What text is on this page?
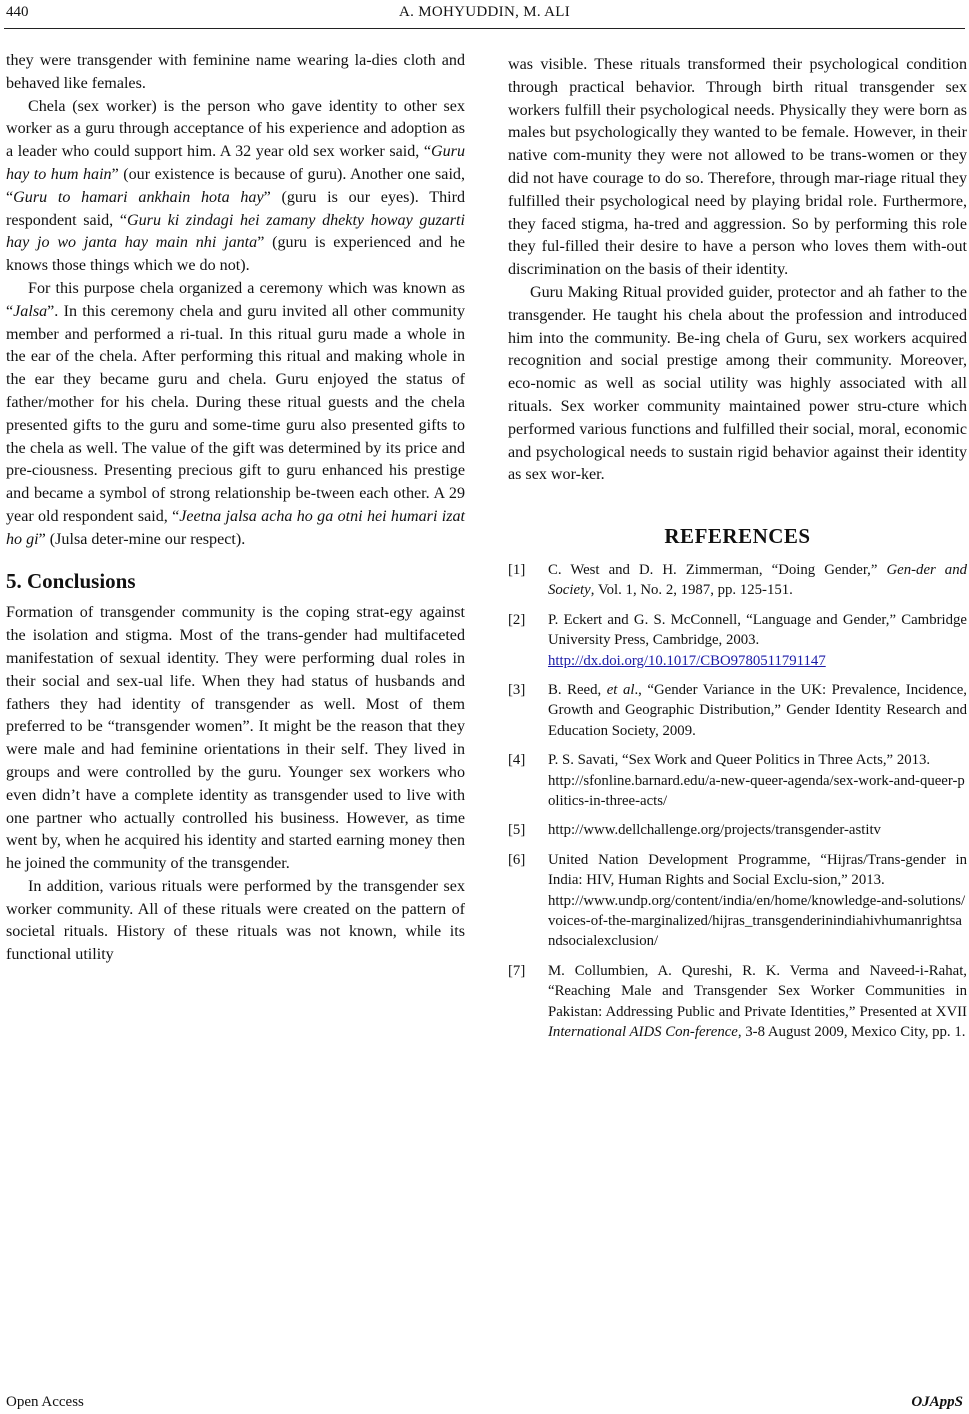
440	A. MOHYUDDIN, M. ALI

they were transgender with feminine name wearing la-dies cloth and behaved like females.

Chela (sex worker) is the person who gave identity to other sex worker as a guru through acceptance of his experience and adoption as a leader who could support him. A 32 year old sex worker said, “Guru hay to hum hain” (our existence is because of guru). Another one said, “Guru to hamari ankhain hota hay” (guru is our eyes). Third respondent said, “Guru ki zindagi hei zamany dhekty howay guzarti hay jo wo janta hay main nhi janta” (guru is experienced and he knows those things which we do not).

For this purpose chela organized a ceremony which was known as “Jalsa”. In this ceremony chela and guru invited all other community member and performed a ri-tual. In this ritual guru made a whole in the ear of the chela. After performing this ritual and making whole in the ear they became guru and chela. Guru enjoyed the status of father/mother for his chela. During these ritual guests and the chela presented gifts to the guru and some-time guru also presented gifts to the chela as well. The value of the gift was determined by its price and pre-ciousness. Presenting precious gift to guru enhanced his prestige and became a symbol of strong relationship be-tween each other. A 29 year old respondent said, “Jeetna jalsa acha ho ga otni hei humari izat ho gi” (Julsa deter-mine our respect).

5. Conclusions

Formation of transgender community is the coping strat-egy against the isolation and stigma. Most of the trans-gender had multifaceted manifestation of sexual identity. They were performing dual roles in their social and sex-ual life. When they had status of husbands and fathers they had identity of transgender as well. Most of them preferred to be “transgender women”. It might be the reason that they were male and had feminine orientations in their self. They lived in groups and were controlled by the guru. Younger sex workers who even didn’t have a complete identity as transgender used to live with one partner who actually controlled his business. However, as time went by, when he acquired his identity and started earning money then he joined the community of the transgender.

In addition, various rituals were performed by the transgender sex worker community. All of these rituals were created on the pattern of societal rituals. History of these rituals was not known, while its functional utility

was visible. These rituals transformed their psychological condition through practical behavior. Through birth ritual transgender sex workers fulfill their psychological needs. Physically they were born as males but psychologically they wanted to be female. However, in their native com-munity they were not allowed to be trans-women or they did not have courage to do so. Therefore, through mar-riage ritual they fulfilled their psychological need by playing bridal role. Furthermore, they faced stigma, ha-tred and aggression. So by performing this role they ful-filled their desire to have a person who loves them with-out discrimination on the basis of their identity.

Guru Making Ritual provided guider, protector and ah father to the transgender. He taught his chela about the profession and introduced him into the community. Be-ing chela of Guru, sex workers acquired recognition and social prestige among their community. Moreover, eco-nomic as well as social utility was highly associated with all rituals. Sex worker community maintained power stru-cture which performed various functions and fulfilled their social, moral, economic and psychological needs to sustain rigid behavior against their identity as sex wor-ker.

REFERENCES
[1]	C. West and D. H. Zimmerman, “Doing Gender,” Gen-der and Society, Vol. 1, No. 2, 1987, pp. 125-151.
[2]	P. Eckert and G. S. McConnell, “Language and Gender,” Cambridge University Press, Cambridge, 2003.
http://dx.doi.org/10.1017/CBO9780511791147
[3]	B. Reed, et al., “Gender Variance in the UK: Prevalence, Incidence, Growth and Geographic Distribution,” Gender Identity Research and Education Society, 2009.
[4]	P. S. Savati, “Sex Work and Queer Politics in Three Acts,” 2013.
http://sfonline.barnard.edu/a-new-queer-agenda/sex-work-and-queer-politics-in-three-acts/
[5]	http://www.dellchallenge.org/projects/transgender-astitv
[6]	United Nation Development Programme, “Hijras/Trans-gender in India: HIV, Human Rights and Social Exclu-sion,” 2013.
http://www.undp.org/content/india/en/home/knowledge-and-solutions/voices-of-the-marginalized/hijras_transgenderinindiahivhumanrightsandsocialexclusion/
[7]	M. Collumbien, A. Qureshi, R. K. Verma and Naveed-i-Rahat, “Reaching Male and Transgender Sex Worker Communities in Pakistan: Addressing Public and Private Identities,” Presented at XVII International AIDS Con-ference, 3-8 August 2009, Mexico City, pp. 1.
Open Access	OJAppS
